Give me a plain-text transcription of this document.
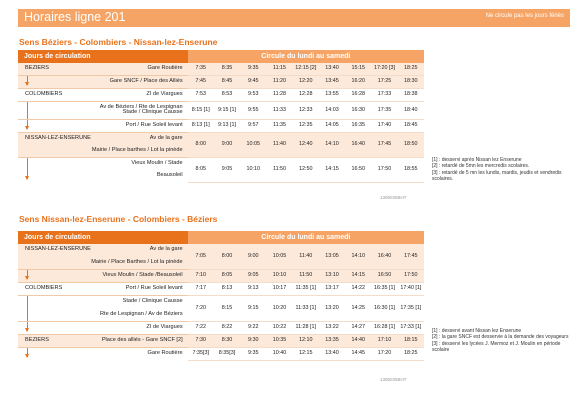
Horaires ligne 201	Ne circule pas les jours fériés
Sens Béziers - Colombiers - Nissan-lez-Enserune
Jours de circulation	Circule du lundi au samedi								

BEZIERS Gare Routière	7:35	8:35	9:35	11:15	12:15 [2]	13:40	15:15	17:20 [3]	18:25

Gare SNCF / Place des Alliés	7:45	8:45	9:45	11:20	12:20	13:45	16:20	17:25	18:30

COLOMBIERS ZI de Viargues	7:53	8:53	9:53	11:28	12:28	13:55	16:28	17:33	18:38

Av de Béziers / Rte de Lespignan
Stade / Clinique Causse	8:15 [1]	9:15 [1]	9:55	11:33	12:33	14:03	16:30	17:35	18:40

Port / Rue Soleil levant	8:13 [1]	9:13 [1]	9:57	11:35	12:35	14:05	16:35	17:40	18:45

NISSAN-LEZ-ENSERUNE Av de la gare
Mairie / Place barthes / Lot la pinède	8:00	9:00	10:05	11:40	12:40	14:10	16:40	17:45	18:50

Vieux Moulin / Stade
Beausoleil	8:05	9:05	10:10	11:50	12:50	14:15	16:50	17:50	18:55
1306035BHT
[1] : desservi après Nissan lez Enserune
[2] : retardé de 5mn les mercredis scolaires.
[3] : retardé de 5 mn les lundis, mardis, jeudis et vendredis scolaires.
Sens Nissan-lez-Enserune - Colombiers - Béziers
Jours de circulation	Circule du lundi au samedi								

NISSAN-LEZ-ENSERUNE Av de la gare
Mairie / Place Barthes / Lot la pinède	7:05	8:00	9:00	10:05	11:40	13:05	14:10	16:40	17:45

Vieux Moulin / Stade /Beausoleil	7:10	8:05	9:05	10:10	11:50	13:10	14:15	16:50	17:50

COLOMBIERS Port / Rue Soleil levant	7:17	8:13	9:13	10:17	11:35 [1]	13:17	14:22	16:35 [1]	17:40 [1]

Stade / Clinique Causse
Rte de Lespignan / Av de Béziers	7:20	8:15	9:15	10:20	11:33 [1]	13:20	14:25	16:30 [1]	17:35 [1]

ZI de Viargues	7:22	8:22	9:22	10:22	11:28 [1]	13:22	14:27	16:28 [1]	17:33 [1]

BEZIERS Place des alliés - Gare SNCF [2]	7:30	8:30	9:30	10:35	12:10	13:35	14:40	17:10	18:15

Gare Routière	7:35[3]	8:35[3]	9:35	10:40	12:15	13:40	14:45	17:20	18:25
1306035BHT
[1] : desservi avant Nissan lez Enserune
[2] : la gare SNCF est desservie à la demande des voyageurs
[3] : desservi les lycées J. Mermoz et J. Moulin en période scolaire
